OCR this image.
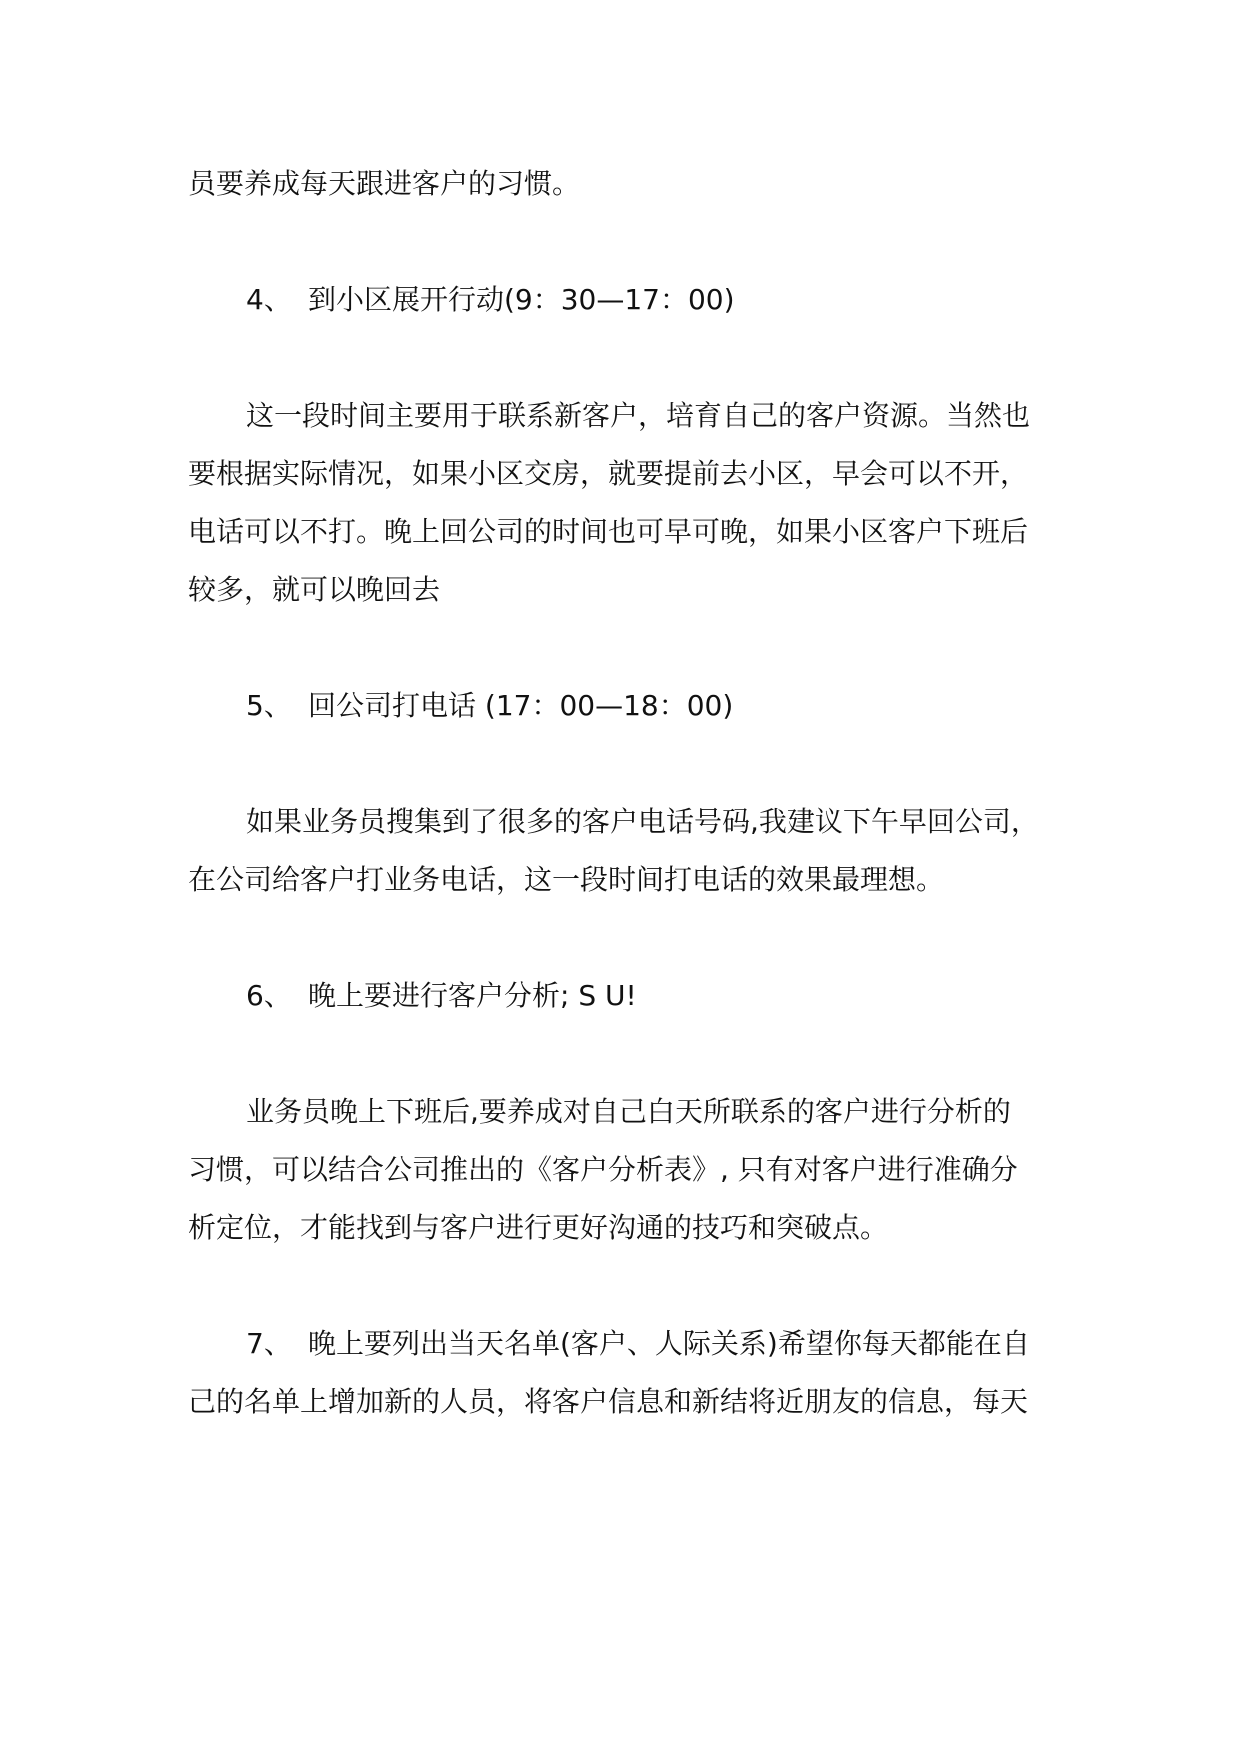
员要养成每天跟进客户的习惯。

4、 到小区展开行动(9：30—17：00)

这一段时间主要用于联系新客户，培育自己的客户资源。当然也

要根据实际情况，如果小区交房，就要提前去小区，早会可以不开，

电话可以不打。晚上回公司的时间也可早可晚，如果小区客户下班后

较多，就可以晚回去

5、 回公司打电话 (17：00—18：00)

如果业务员搜集到了很多的客户电话号码,我建议下午早回公司，

在公司给客户打业务电话，这一段时间打电话的效果最理想。

6、 晚上要进行客户分析; S U!

业务员晚上下班后,要养成对自己白天所联系的客户进行分析的

习惯，可以结合公司推出的《客户分析表》, 只有对客户进行准确分

析定位，才能找到与客户进行更好沟通的技巧和突破点。

7、 晚上要列出当天名单(客户、人际关系)希望你每天都能在自

己的名单上增加新的人员，将客户信息和新结将近朋友的信息，每天
